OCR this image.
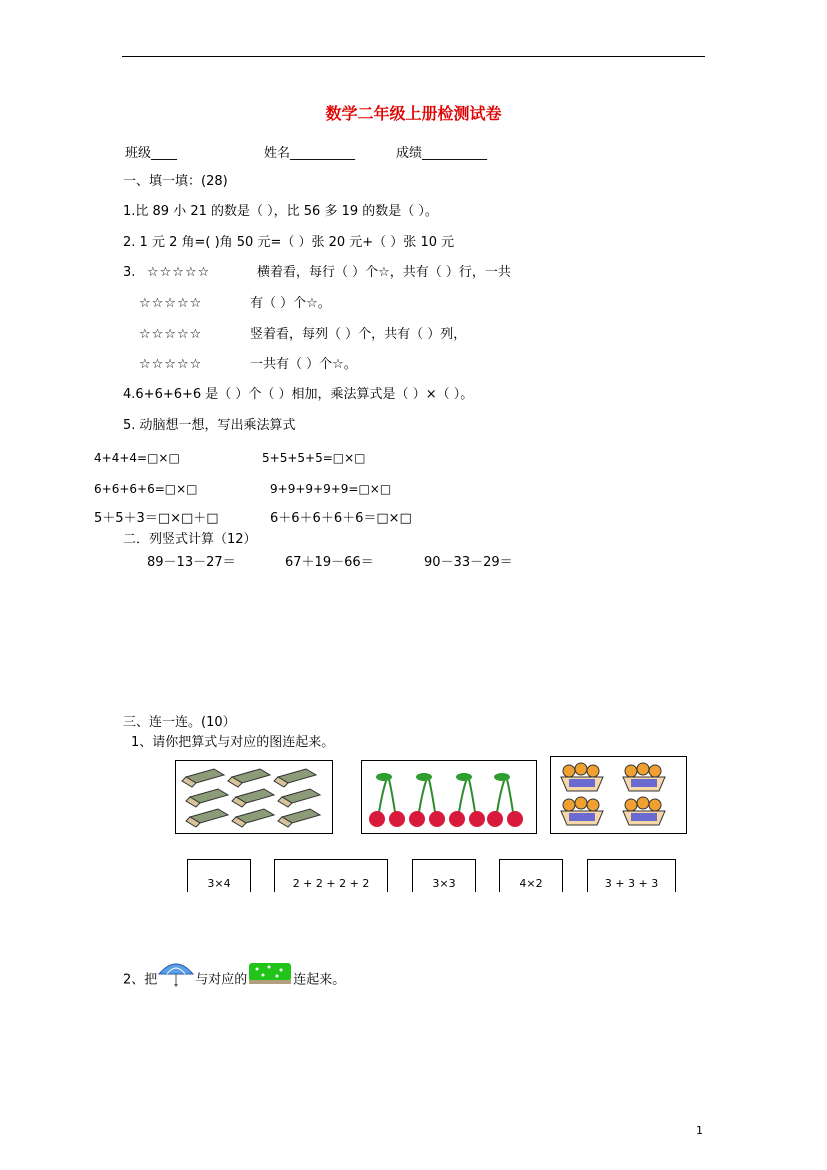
数学二年级上册检测试卷
班级____	姓名__________	成绩__________
一、填一填：(28)
1.比 89 小 21 的数是（ ），比 56 多 19 的数是（ ）。
2. 1 元 2 角=( )角 50 元=（ ）张 20 元+（ ）张 10 元
3. ☆☆☆☆☆	横着看，每行（ ）个☆，共有（ ）行，一共
☆☆☆☆☆	有（ ）个☆。
☆☆☆☆☆	竖着看，每列（ ）个，共有（ ）列，
☆☆☆☆☆	一共有（ ）个☆。
4.6+6+6+6 是（ ）个（ ）相加，乘法算式是（ ）×（ ）。
5. 动脑想一想，写出乘法算式
4+4+4=□×□	5+5+5+5=□×□
6+6+6+6=□×□	9+9+9+9+9=□×□
5＋5＋3＝□×□＋□	6＋6＋6＋6＋6＝□×□
二．列竖式计算（12）
89－13－27＝	67＋19－66＝	90－33－29＝
三、连一连。(10）
1、请你把算式与对应的图连起来。
3×4	2 + 2 + 2 + 2	3×3	4×2	3 + 3 + 3
2、把	与对应的	连起来。
1
